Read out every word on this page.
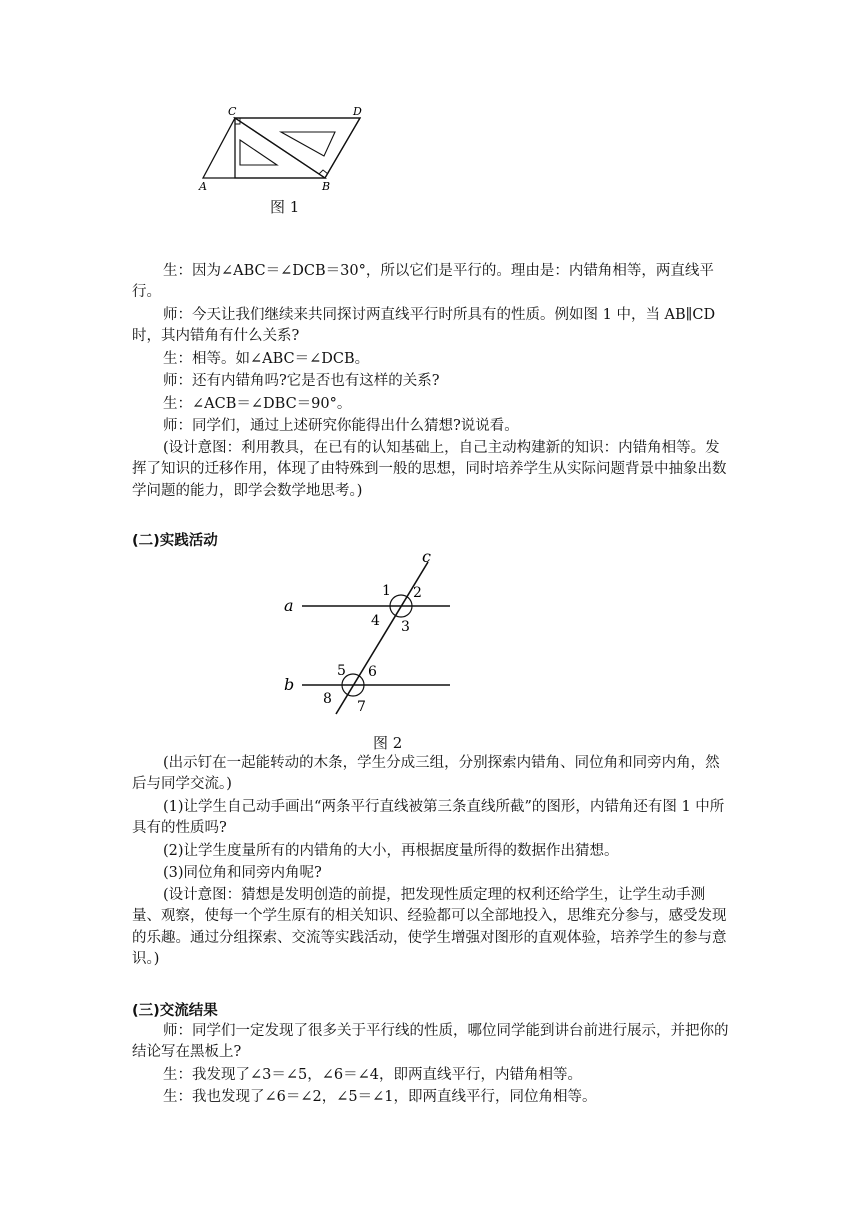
C	D
A	B
图 1

生：因为∠ABC＝∠DCB＝30°，所以它们是平行的。理由是：内错角相等，两直线平行。

师：今天让我们继续来共同探讨两直线平行时所具有的性质。例如图 1 中，当 AB∥CD 时，其内错角有什么关系?

生：相等。如∠ABC＝∠DCB。

师：还有内错角吗?它是否也有这样的关系?

生：∠ACB＝∠DBC＝90°。

师：同学们，通过上述研究你能得出什么猜想?说说看。

(设计意图：利用教具，在已有的认知基础上，自己主动构建新的知识：内错角相等。发挥了知识的迁移作用，体现了由特殊到一般的思想，同时培养学生从实际问题背景中抽象出数学问题的能力，即学会数学地思考。)

(二)实践活动
c
a
b
1 2
3
4
5 6
7
8
图 2

(出示钉在一起能转动的木条，学生分成三组，分别探索内错角、同位角和同旁内角，然后与同学交流。)

(1)让学生自己动手画出“两条平行直线被第三条直线所截”的图形，内错角还有图 1 中所具有的性质吗?

(2)让学生度量所有的内错角的大小，再根据度量所得的数据作出猜想。

(3)同位角和同旁内角呢?

(设计意图：猜想是发明创造的前提，把发现性质定理的权利还给学生，让学生动手测量、观察，使每一个学生原有的相关知识、经验都可以全部地投入，思维充分参与，感受发现的乐趣。通过分组探索、交流等实践活动，使学生增强对图形的直观体验，培养学生的参与意识。)

(三)交流结果

师：同学们一定发现了很多关于平行线的性质，哪位同学能到讲台前进行展示，并把你的结论写在黑板上?

生：我发现了∠3＝∠5，∠6＝∠4，即两直线平行，内错角相等。

生：我也发现了∠6＝∠2，∠5＝∠1，即两直线平行，同位角相等。
